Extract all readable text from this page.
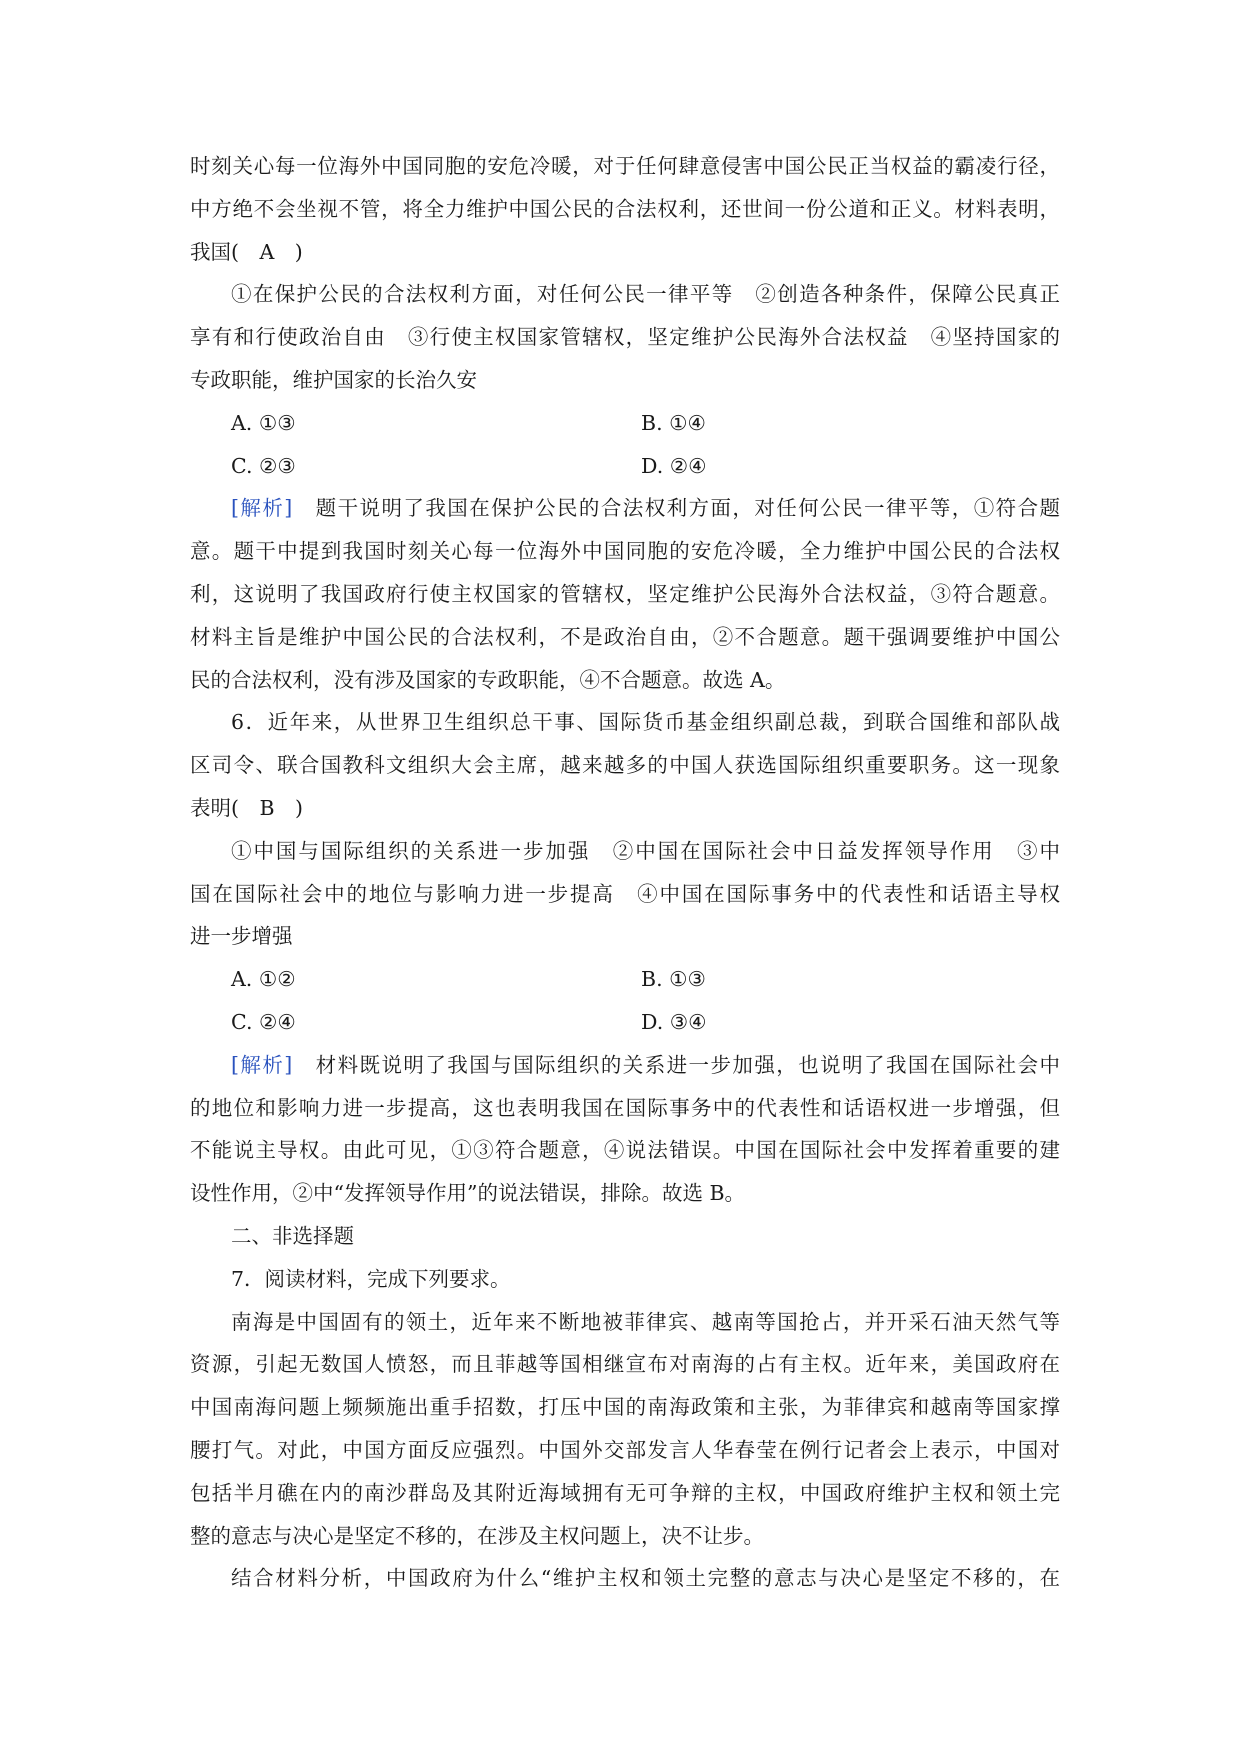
时刻关心每一位海外中国同胞的安危冷暖，对于任何肆意侵害中国公民正当权益的霸凌行径，
中方绝不会坐视不管，将全力维护中国公民的合法权利，还世间一份公道和正义。材料表明，
我国(　A　)
①在保护公民的合法权利方面，对任何公民一律平等　②创造各种条件，保障公民真正
享有和行使政治自由　③行使主权国家管辖权，坚定维护公民海外合法权益　④坚持国家的
专政职能，维护国家的长治久安
A. ①③	B. ①④
C. ②③	D. ②④
[解析]　题干说明了我国在保护公民的合法权利方面，对任何公民一律平等，①符合题
意。题干中提到我国时刻关心每一位海外中国同胞的安危冷暖，全力维护中国公民的合法权
利，这说明了我国政府行使主权国家的管辖权，坚定维护公民海外合法权益，③符合题意。
材料主旨是维护中国公民的合法权利，不是政治自由，②不合题意。题干强调要维护中国公
民的合法权利，没有涉及国家的专政职能，④不合题意。故选 A。
6．近年来，从世界卫生组织总干事、国际货币基金组织副总裁，到联合国维和部队战
区司令、联合国教科文组织大会主席，越来越多的中国人获选国际组织重要职务。这一现象
表明(　B　)
①中国与国际组织的关系进一步加强　②中国在国际社会中日益发挥领导作用　③中
国在国际社会中的地位与影响力进一步提高　④中国在国际事务中的代表性和话语主导权
进一步增强
A. ①②	B. ①③
C. ②④	D. ③④
[解析]　材料既说明了我国与国际组织的关系进一步加强，也说明了我国在国际社会中
的地位和影响力进一步提高，这也表明我国在国际事务中的代表性和话语权进一步增强，但
不能说主导权。由此可见，①③符合题意，④说法错误。中国在国际社会中发挥着重要的建
设性作用，②中“发挥领导作用”的说法错误，排除。故选 B。
二、非选择题
7．阅读材料，完成下列要求。
南海是中国固有的领土，近年来不断地被菲律宾、越南等国抢占，并开采石油天然气等
资源，引起无数国人愤怒，而且菲越等国相继宣布对南海的占有主权。近年来，美国政府在
中国南海问题上频频施出重手招数，打压中国的南海政策和主张，为菲律宾和越南等国家撑
腰打气。对此，中国方面反应强烈。中国外交部发言人华春莹在例行记者会上表示，中国对
包括半月礁在内的南沙群岛及其附近海域拥有无可争辩的主权，中国政府维护主权和领土完
整的意志与决心是坚定不移的，在涉及主权问题上，决不让步。
结合材料分析，中国政府为什么“维护主权和领土完整的意志与决心是坚定不移的，在
